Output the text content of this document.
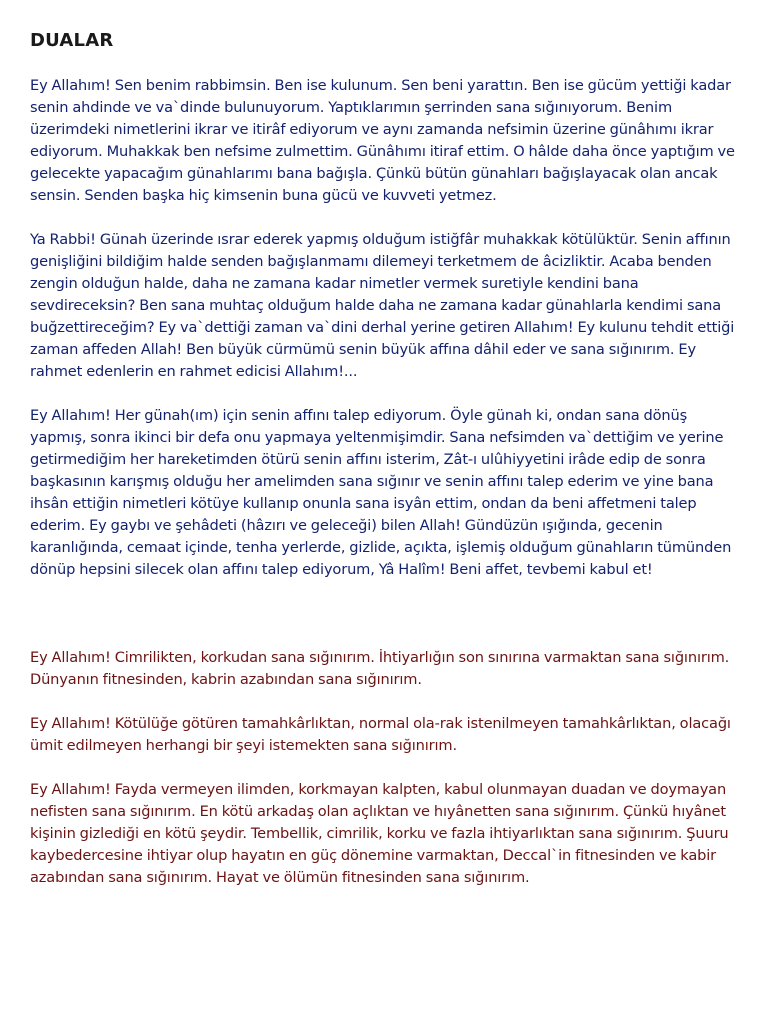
DUALAR

Ey Allahım! Sen benim rabbimsin. Ben ise kulunum. Sen beni yarattın. Ben ise gücüm yettiği kadar senin ahdinde ve va`dinde bulunuyorum. Yaptıklarımın şerrinden sana sığınıyorum. Benim üzerimdeki nimetlerini ikrar ve itirâf ediyorum ve aynı zamanda nefsimin üzerine günâhımı ikrar ediyorum. Muhakkak ben nefsime zulmettim. Günâhımı itiraf ettim. O hâlde daha önce yaptığım ve gelecekte yapacağım günahlarımı bana bağışla. Çünkü bütün günahları bağışlayacak olan ancak sensin. Senden başka hiç kimsenin buna gücü ve kuvveti yetmez.

Ya Rabbi! Günah üzerinde ısrar ederek yapmış olduğum istiğfâr muhakkak kötülüktür. Senin affının genişliğini bildiğim halde senden bağışlanmamı dilemeyi terketmem de âcizliktir. Acaba benden zengin olduğun halde, daha ne zamana kadar nimetler vermek suretiyle kendini bana sevdireceksin? Ben sana muhtaç olduğum halde daha ne zamana kadar günahlarla kendimi sana buğzettireceğim? Ey va`dettiği zaman va`dini derhal yerine getiren Allahım! Ey kulunu tehdit ettiği zaman affeden Allah! Ben büyük cürmümü senin büyük affına dâhil eder ve sana sığınırım. Ey rahmet edenlerin en rahmet edicisi Allahım!...

Ey Allahım! Her günah(ım) için senin affını talep ediyorum. Öyle günah ki, ondan sana dönüş yapmış, sonra ikinci bir defa onu yapmaya yeltenmişimdir. Sana nefsimden va`dettiğim ve yerine getirmediğim her hareketimden ötürü senin affını isterim, Zât-ı ulûhiyyetini irâde edip de sonra başkasının karışmış olduğu her amelimden sana sığınır ve senin affını talep ederim ve yine bana ihsân ettiğin nimetleri kötüye kullanıp onunla sana isyân ettim, ondan da beni affetmeni talep ederim. Ey gaybı ve şehâdeti (hâzırı ve geleceği) bilen Allah! Gündüzün ışığında, gecenin karanlığında, cemaat içinde, tenha yerlerde, gizlide, açıkta, işlemiş olduğum günahların tümünden dönüp hepsini silecek olan affını talep ediyorum, Yâ Halîm! Beni affet, tevbemi kabul et!

Ey Allahım! Cimrilikten, korkudan sana sığınırım. İhtiyarlığın son sınırına varmaktan sana sığınırım. Dünyanın fitnesinden, kabrin azabından sana sığınırım.

Ey Allahım! Kötülüğe götüren tamahkârlıktan, normal ola-rak istenilmeyen tamahkârlıktan, olacağı ümit edilmeyen herhangi bir şeyi istemekten sana sığınırım.

Ey Allahım! Fayda vermeyen ilimden, korkmayan kalpten, kabul olunmayan duadan ve doymayan nefisten sana sığınırım. En kötü arkadaş olan açlıktan ve hıyânetten sana sığınırım. Çünkü hıyânet kişinin gizlediği en kötü şeydir. Tembellik, cimrilik, korku ve fazla ihtiyarlıktan sana sığınırım. Şuuru kaybedercesine ihtiyar olup hayatın en güç dönemine varmaktan, Deccal`in fitnesinden ve kabir azabından sana sığınırım. Hayat ve ölümün fitnesinden sana sığınırım.
